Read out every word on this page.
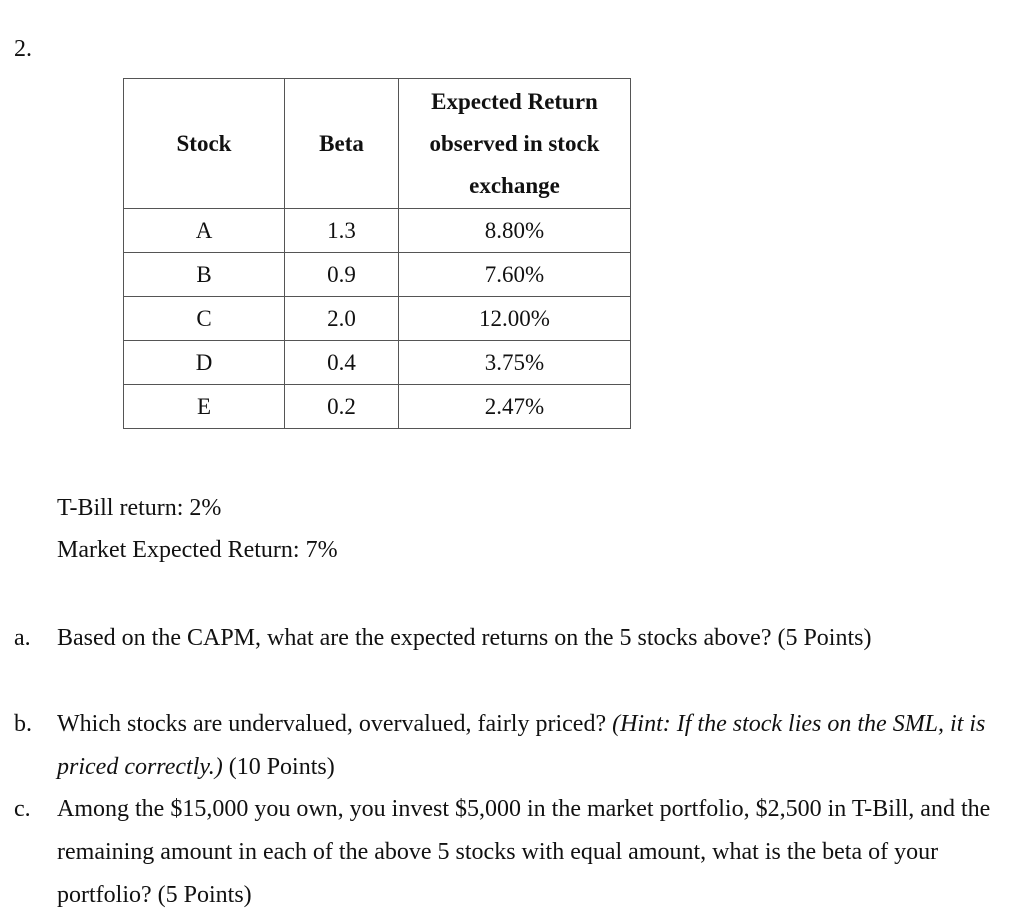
2.
Stock	Beta	Expected Return
observed in stock
exchange
A	1.3	8.80%
B	0.9	7.60%
C	2.0	12.00%
D	0.4	3.75%
E	0.2	2.47%
T-Bill return: 2%
Market Expected Return: 7%
a. Based on the CAPM, what are the expected returns on the 5 stocks above? (5 Points)
b. Which stocks are undervalued, overvalued, fairly priced? (Hint: If the stock lies on the SML, it is priced correctly.) (10 Points)
c. Among the $15,000 you own, you invest $5,000 in the market portfolio, $2,500 in T-Bill, and the remaining amount in each of the above 5 stocks with equal amount, what is the beta of your portfolio? (5 Points)
